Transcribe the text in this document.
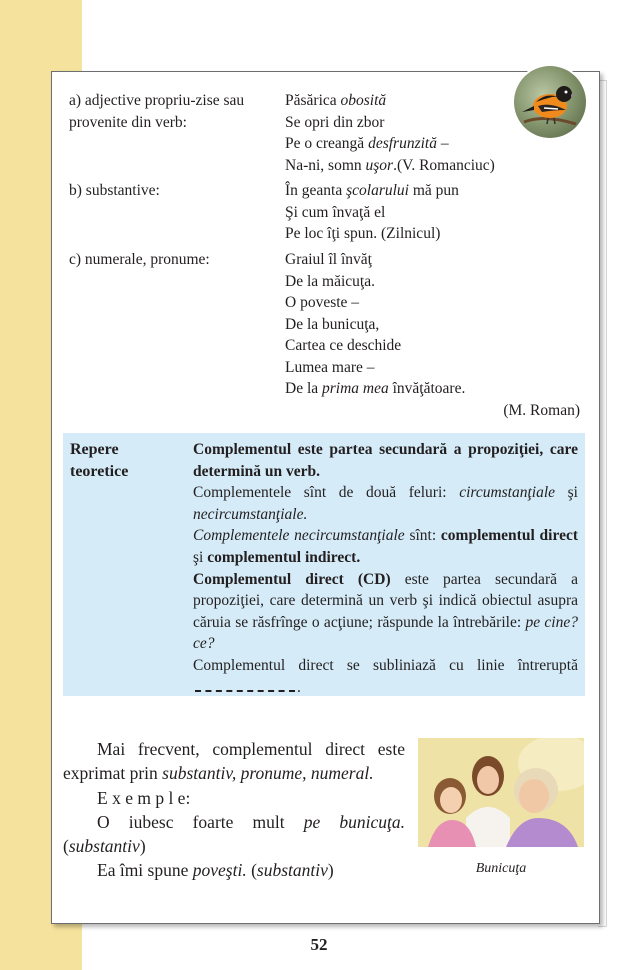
a) adjective propriu-zise sau provenite din verb:
Păsărica obosită
Se opri din zbor
Pe o creangă desfrunzită –
Na-ni, somn uşor.(V. Romanciuc)
b) substantive:	În geanta şcolarului mă pun
Şi cum învaţă el
Pe loc îţi spun. (Zilnicul)
c) numerale, pronume:	Graiul îl învăţ
De la măicuţa.
O poveste –
De la bunicuţa,
Cartea ce deschide
Lumea mare –
De la prima mea învăţătoare.
(M. Roman)
Repere teoretice

Complementul este partea secundară a propoziţiei, care determină un verb.

Complementele sînt de două feluri: circumstanţiale şi necircumstanţiale.

Complementele necircumstanţiale sînt: complementul direct şi complementul indirect.

Complementul direct (CD) este partea secundară a propoziţiei, care determină un verb şi indică obiectul asupra căruia se răsfrînge o acţiune; răspunde la întrebările: pe cine? ce?

Complementul direct se subliniază cu linie întreruptă .

Mai frecvent, complementul direct este exprimat prin substantiv, pronume, numeral.

E x e m p l e:

O iubesc foarte mult pe bunicuţa. (substantiv)

Ea îmi spune poveşti. (substantiv)	Bunicuţa
52
